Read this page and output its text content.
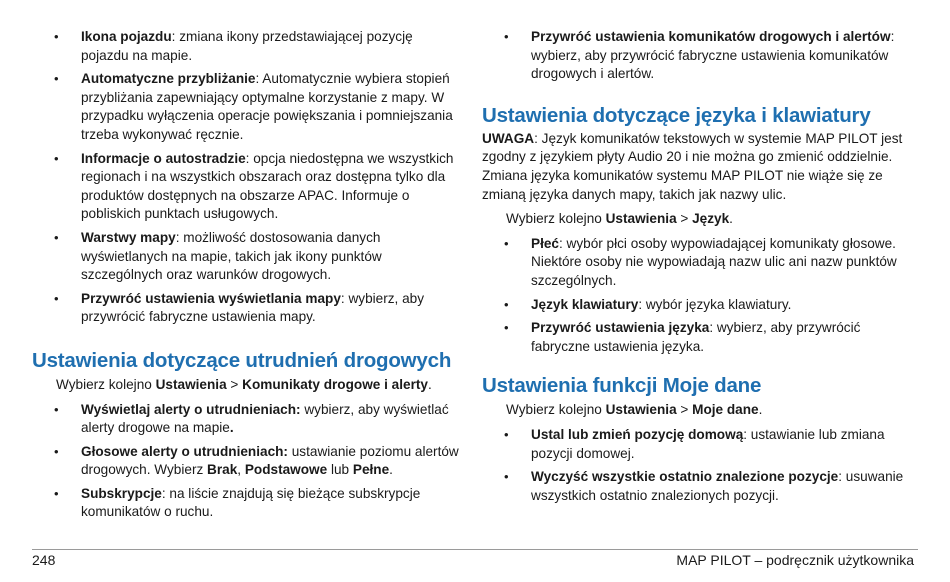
• Ikona pojazdu: zmiana ikony przedstawiającej pozycję pojazdu na mapie.
• Automatyczne przybliżanie: Automatycznie wybiera stopień przybliżania zapewniający optymalne korzystanie z mapy. W przypadku wyłączenia operacje powiększania i pomniejszania trzeba wykonywać ręcznie.
• Informacje o autostradzie: opcja niedostępna we wszystkich regionach i na wszystkich obszarach oraz dostępna tylko dla produktów dostępnych na obszarze APAC. Informuje o pobliskich punktach usługowych.
• Warstwy mapy: możliwość dostosowania danych wyświetlanych na mapie, takich jak ikony punktów szczególnych oraz warunków drogowych.
• Przywróć ustawienia wyświetlania mapy: wybierz, aby przywrócić fabryczne ustawienia mapy.
Ustawienia dotyczące utrudnień drogowych

Wybierz kolejno Ustawienia > Komunikaty drogowe i alerty.

• Wyświetlaj alerty o utrudnieniach: wybierz, aby wyświetlać alerty drogowe na mapie.
• Głosowe alerty o utrudnieniach: ustawianie poziomu alertów drogowych. Wybierz Brak, Podstawowe lub Pełne.
• Subskrypcje: na liście znajdują się bieżące subskrypcje komunikatów o ruchu.
• Przywróć ustawienia komunikatów drogowych i alertów: wybierz, aby przywrócić fabryczne ustawienia komunikatów drogowych i alertów.
Ustawienia dotyczące języka i klawiatury

UWAGA: Język komunikatów tekstowych w systemie MAP PILOT jest zgodny z językiem płyty Audio 20 i nie można go zmienić oddzielnie. Zmiana języka komunikatów systemu MAP PILOT nie wiąże się ze zmianą języka danych mapy, takich jak nazwy ulic.

Wybierz kolejno Ustawienia > Język.

• Płeć: wybór płci osoby wypowiadającej komunikaty głosowe. Niektóre osoby nie wypowiadają nazw ulic ani nazw punktów szczególnych.
• Język klawiatury: wybór języka klawiatury.
• Przywróć ustawienia języka: wybierz, aby przywrócić fabryczne ustawienia języka.
Ustawienia funkcji Moje dane

Wybierz kolejno Ustawienia > Moje dane.

• Ustal lub zmień pozycję domową: ustawianie lub zmiana pozycji domowej.
• Wyczyść wszystkie ostatnio znalezione pozycje: usuwanie wszystkich ostatnio znalezionych pozycji.
248	MAP PILOT – podręcznik użytkownika
